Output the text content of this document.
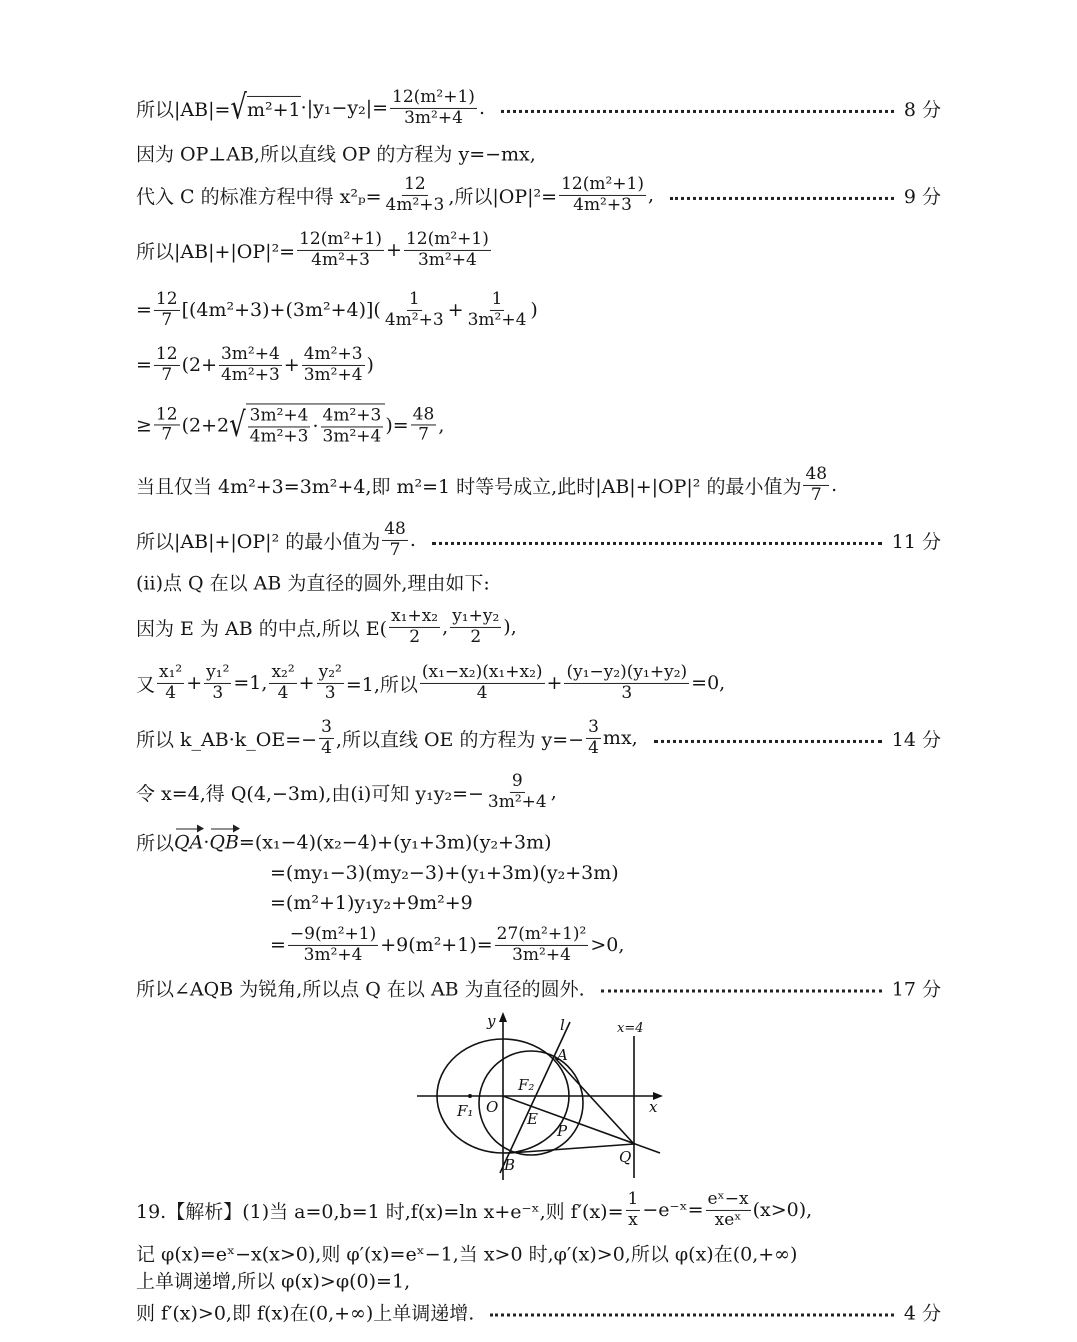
所以|AB|= √ $m^2+1 \cdot|y_1-y_2|= \frac{\text{12(m²+1)}}{\text{3m²+4}}$ .	8 分
因为 OP⊥AB,所以直线 OP 的方程为 y=−mx,
代入 C 的标准方程中得 $x^2_p= \frac{12}{\text{4m²+3}}$ ,所以$|OP|^2= \frac{\text{12(m²+1)}}{\text{4m²+3}}$ ,	9 分
所以$|AB|+|OP|^2= \frac{\text{12(m²+1)}}{\text{4m²+3}} + \frac{\text{12(m²+1)}}{\text{3m²+4}}$
= $\frac{12}{7} [(4m^2+3)+(3m^2+4)]( \frac{1}{\text{4m²+3}} + \frac{1}{\text{3m²+4}}$ )
= $\frac{12}{7} (2+ \frac{\text{3m²+4}}{\text{4m²+3}} + \frac{\text{4m²+3}}{\text{3m²+4}}$ )
≥ $\frac{12}{7} (2+2$ √ $\frac{\text{3m²+4}}{\text{4m²+3}} \cdot \frac{\text{4m²+3}}{\text{3m²+4}}$ )= $\frac{48}{7}$ ,
当且仅当 4m²+3=3m²+4,即 m²=1 时等号成立,此时|AB|+|OP|² 的最小值为 $\frac{48}{7}$ .
所以|AB|+|OP|² 的最小值为 $\frac{48}{7}$ .	11 分
(ⅱ)点 Q 在以 AB 为直径的圆外,理由如下:
因为 E 为 AB 的中点,所以 $E( \frac{\text{x₁+x₂}}{2}$ , $\frac{\text{y₁+y₂}}{2}$ ),
又 $\frac{\text{x₁²}}{4} + \frac{\text{y₁²}}{3} =1$, $\frac{\text{x₂²}}{4} + \frac{\text{y₂²}}{3} =1$,所以 $\frac{\text{(x₁−x₂)(x₁+x₂)}}{4} + \frac{\text{(y₁−y₂)(y₁+y₂)}}{3} =0$,
所以 k_AB·k_OE=− $\frac{3}{4}$ ,所以直线 OE 的方程为 $y=- \frac{3}{4}$ mx,	14 分
令 x=4,得 Q(4,−3m),由(ⅰ)可知 $y_1y_2=- \frac{9}{\text{3m²+4}}$ ,
所以 QA · QB =(x₁−4)(x₂−4)+(y₁+3m)(y₂+3m)
=(my₁−3)(my₂−3)+(y₁+3m)(y₂+3m)
=(m²+1)y₁y₂+9m²+9
= $\frac{\text{−9(m²+1)}}{\text{3m²+4}} +9(m^2+1)= \frac{\text{27(m²+1)²}}{\text{3m²+4}} >0$,
所以∠AQB 为锐角,所以点 Q 在以 AB 为直径的圆外.	17 分
19.【解析】(1)当 a=0,b=1 时,f(x)=ln x+e⁻ˣ,则 $f'(x)= \frac{1}{x}$ −e⁻ˣ= $\frac{\text{eˣ−x}}{\text{xeˣ}} (x>0)$,
记 φ(x)=eˣ−x(x>0),则 φ′(x)=eˣ−1,当 x>0 时,φ′(x)>0,所以 φ(x)在(0,+∞)
上单调递增,所以 φ(x)>φ(0)=1,
则 f′(x)>0,即 f(x)在(0,+∞)上单调递增.	4 分
y
x
l	x=4
A
B
F₁
F₂
O
E
P
Q
